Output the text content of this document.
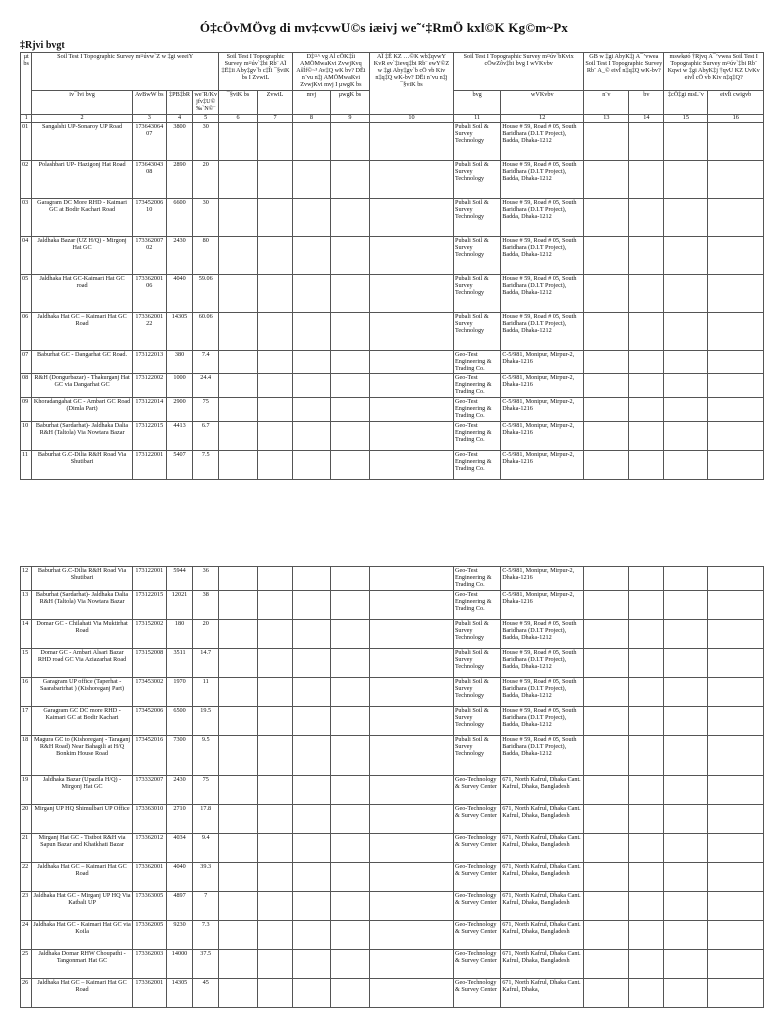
Ó‡cÖvMÖvg di mv‡cvwU©s iæivj we˜‘‡RmÖ kxl©K Kg©m~Px
‡Rjvi bvgt
µt bs	Soil Test I Topographic Survey m¤úvw`Z w ‡gi weeiY				Soil Test I Topographic Survey m¤úv`‡bi Rb¨ AÏ ‡Ë‡ii Aby‡gv`b c‡Îi ¯§viK bs I ZvwiL		D‡¤^ vg Al cÖK‡íi AMÖMwaKvi ZvwjKvq AšÍf©~³ Av‡Q wK bv? DËi n¨vu n‡j AMÖMwaKvi ZvwjKvi mvj I µwgK bs		AÏ ‡Ë KZ …©K wb‡qvwY KvR ev`‡ievq‡bi Rb¨ ewY©Z w ‡gi Aby‡gv`b cÖ vb Kiv n‡q‡Q wK-bv? DËi n¨vu n‡j ¯§viK bs	Soil Test I Topographic Survey m¤úv`bKvix cÖwZôv‡bi bvg I wVKvbv		GB w ‡gi AbyK‡j A¯’vwea Soil Test I Topographic Survey Rb¨ A_© eivÏ n‡q‡Q wK-bv?		mswkøó †Rjvq A¯’vwea Soil Test I Topographic Survey m¤úv`‡bi Rb¨ Kqwi w ‡gi AbyK‡j †qvU KZ UvKv eivÏ cÖ vb Kiv n‡q‡Q?	
	iv¯Ívi bvg	AvBwW bs	‡PB‡bR	we¨R/Kvjfv‡U© ‰`N©¨	¯§viK bs	ZvwiL	mvj	µwgK bs		bvg	wVKvbv	n¨v	bv	‡cÖ‡gi msL¨v	eivÏi cwigvb
1	2	3	4	5	6	7	8	9	10	11	12	13	14	15	16
01	Sangalshi UP-Sonaroy UP Road	173643064 07	3800	30						Pubali Soil & Survey Technology	House # 59, Road # 05, South Baridhara (D.I.T Project), Badda, Dhaka-1212				
02	Polashbari UP- Hazigonj Hat Road	173643043 08	2890	20						Pubali Soil & Survey Technology	House # 59, Road # 05, South Baridhara (D.I.T Project), Badda, Dhaka-1212				
03	Garagram DC More RHD - Kaimari GC at Bodir Kachari Road	173452006 10	6600	30						Pubali Soil & Survey Technology	House # 59, Road # 05, South Baridhara (D.I.T Project), Badda, Dhaka-1212				
04	Jaldhaka Bazar (UZ H/Q) - Mirgonj Hat GC	173362007 02	2430	80						Pubali Soil & Survey Technology	House # 59, Road # 05, South Baridhara (D.I.T Project), Badda, Dhaka-1212				
05	Jaldhaka Hat GC-Kaimari Hat GC road	173362001 06	4040	59.06						Pubali Soil & Survey Technology	House # 59, Road # 05, South Baridhara (D.I.T Project), Badda, Dhaka-1212				
06	Jaldhaka Hat GC – Kaimari Hat GC Road	173362001 22	14305	60.06						Pubali Soil & Survey Technology	House # 59, Road # 05, South Baridhara (D.I.T Project), Badda, Dhaka-1212				
07	Baburhat GC - Dangarhat GC Road.	173122013	380	7.4						Geo-Test Engineering & Trading Co.	C-5/981, Monipur, Mirpur-2, Dhaka-1216				
08	R&H (Dongurbazar) - Thakurganj Hat GC via Dangarhat GC	173122002	1000	24.4						Geo-Test Engineering & Trading Co.	C-5/981, Monipur, Mirpur-2, Dhaka-1216				
09	Khoradangahat GC - Ambari GC Road (Dimla Part)	173122014	2900	75						Geo-Test Engineering & Trading Co.	C-5/981, Monipur, Mirpur-2, Dhaka-1216				
10	Baburhat (Sardarhat)- Jaldhaka Dalia R&H (Taltola) Via Nowtara Bazar	173122015	4413	6.7						Geo-Test Engineering & Trading Co.	C-5/981, Monipur, Mirpur-2, Dhaka-1216				
11	Baburhat G.C-Dilia R&H Road Via Shutibari	173122001	5407	7.5						Geo-Test Engineering & Trading Co.	C-5/981, Monipur, Mirpur-2, Dhaka-1216				
12	Baburhat G.C-Dilia R&H Road Via Shutibari	173122001	5944	36						Geo-Test Engineering & Trading Co.	C-5/981, Monipur, Mirpur-2, Dhaka-1216				
13	Baburhat (Sardarhat)- Jaldhaka Dalia R&H (Taltola) Via Nowtara Bazar	173122015	12021	38						Geo-Test Engineering & Trading Co.	C-5/981, Monipur, Mirpur-2, Dhaka-1216				
14	Domar GC - Chilahati Via Muktirhat Road	173152002	180	20						Pubali Soil & Survey Technology	House # 59, Road # 05, South Baridhara (D.I.T Project), Badda, Dhaka-1212				
15	Domar GC - Ambari Alsari Bazar RHD road GC Via Aziazarhat Road	173152008	3511	14.7						Pubali Soil & Survey Technology	House # 59, Road # 05, South Baridhara (D.I.T Project), Badda, Dhaka-1212				
16	Garagram UP office (Taperhat - Saarabarirhat ) (Kishoreganj Part)	173453002	1970	11						Pubali Soil & Survey Technology	House # 59, Road # 05, South Baridhara (D.I.T Project), Badda, Dhaka-1212				
17	Garagram GC DC more RHD - Kaimari GC at Bodir Kachari	173452006	6500	19.5						Pubali Soil & Survey Technology	House # 59, Road # 05, South Baridhara (D.I.T Project), Badda, Dhaka-1212				
18	Magura GC to (Kishoreganj - Taraganj R&H Road) Near Bahagili at H/Q Bonkim House Road	173452016	7300	9.5						Pubali Soil & Survey Technology	House # 59, Road # 05, South Baridhara (D.I.T Project), Badda, Dhaka-1212				
19	Jaldhaka Bazar (Upazila H/Q) - Mirgonj Hat GC	173332007	2430	75						Geo-Technology & Survey Center	671, North Kafrul, Dhaka Cant. Kafrul, Dhaka, Bangladesh				
20	Mirganj UP HQ Shimulbari UP Office	173363010	2710	17.8						Geo-Technology & Survey Center	671, North Kafrul, Dhaka Cant. Kafrul, Dhaka, Bangladesh				
21	Mirganj Hat GC - Tistbot R&H via Sapun Bazar and Khatkhati Bazar	173362012	4034	9.4						Geo-Technology & Survey Center	671, North Kafrul, Dhaka Cant. Kafrul, Dhaka, Bangladesh				
22	Jaldhaka Hat GC – Kaimari Hat GC Road	173362001	4040	39.3						Geo-Technology & Survey Center	671, North Kafrul, Dhaka Cant. Kafrul, Dhaka, Bangladesh				
23	Jaldhaka Hat GC - Mirganj UP HQ Via Katbali UP	173363005	4897	7						Geo-Technology & Survey Center	671, North Kafrul, Dhaka Cant. Kafrul, Dhaka, Bangladesh				
24	Jaldhaka Hat GC - Kaimari Hat GC via Koila	173362005	9230	7.3						Geo-Technology & Survey Center	671, North Kafrul, Dhaka Cant. Kafrul, Dhaka, Bangladesh				
25	Jaldhaka Domar RHW Choupathi - Tangonmari Hat GC	173362003	14000	37.5						Geo-Technology & Survey Center	671, North Kafrul, Dhaka Cant. Kafrul, Dhaka, Bangladesh				
26	Jaldhaka Hat GC – Kaimari Hat GC Road	173362001	14305	45						Geo-Technology & Survey Center	671, North Kafrul, Dhaka Cant. Kafrul, Dhaka,				
